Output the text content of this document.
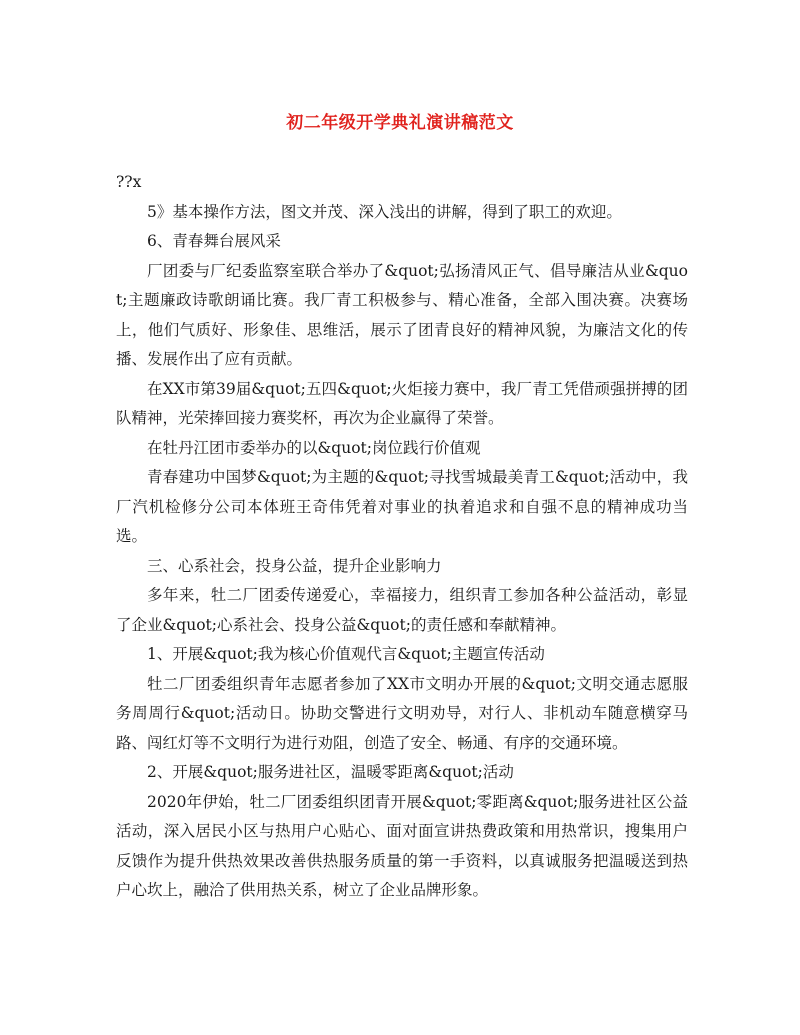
初二年级开学典礼演讲稿范文

??x

5》基本操作方法，图文并茂、深入浅出的讲解，得到了职工的欢迎。

6、青春舞台展风采

厂团委与厂纪委监察室联合举办了&quot;弘扬清风正气、倡导廉洁从业&quot;主题廉政诗歌朗诵比赛。我厂青工积极参与、精心准备，全部入围决赛。决赛场上，他们气质好、形象佳、思维活，展示了团青良好的精神风貌，为廉洁文化的传播、发展作出了应有贡献。

在XX市第39届&quot;五四&quot;火炬接力赛中，我厂青工凭借顽强拼搏的团队精神，光荣捧回接力赛奖杯，再次为企业赢得了荣誉。

在牡丹江团市委举办的以&quot;岗位践行价值观

青春建功中国梦&quot;为主题的&quot;寻找雪城最美青工&quot;活动中，我厂汽机检修分公司本体班王奇伟凭着对事业的执着追求和自强不息的精神成功当选。

三、心系社会，投身公益，提升企业影响力

多年来，牡二厂团委传递爱心，幸福接力，组织青工参加各种公益活动，彰显了企业&quot;心系社会、投身公益&quot;的责任感和奉献精神。

1、开展&quot;我为核心价值观代言&quot;主题宣传活动

牡二厂团委组织青年志愿者参加了XX市文明办开展的&quot;文明交通志愿服务周周行&quot;活动日。协助交警进行文明劝导，对行人、非机动车随意横穿马路、闯红灯等不文明行为进行劝阻，创造了安全、畅通、有序的交通环境。

2、开展&quot;服务进社区，温暖零距离&quot;活动

2020年伊始，牡二厂团委组织团青开展&quot;零距离&quot;服务进社区公益活动，深入居民小区与热用户心贴心、面对面宣讲热费政策和用热常识，搜集用户反馈作为提升供热效果改善供热服务质量的第一手资料，以真诚服务把温暖送到热户心坎上，融洽了供用热关系，树立了企业品牌形象。
